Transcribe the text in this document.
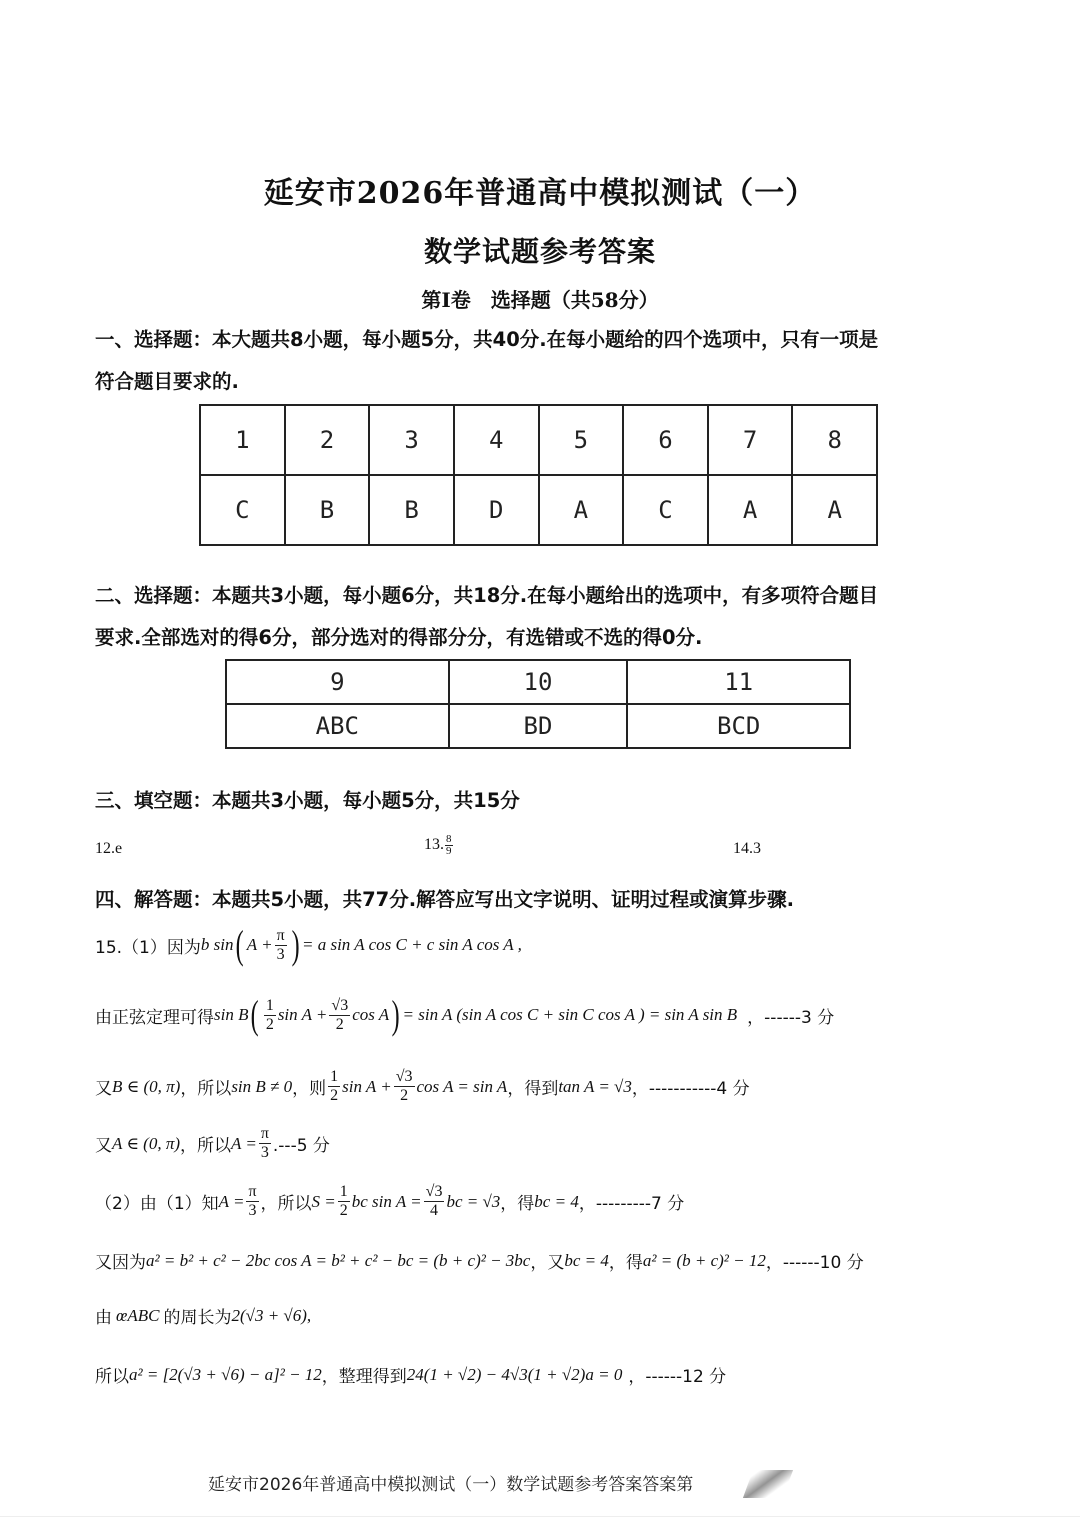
延安市2026年普通高中模拟测试（一）
数学试题参考答案
第Ⅰ卷　选择题（共58分）
一、选择题：本大题共8小题，每小题5分，共40分.在每小题给的四个选项中，只有一项是
符合题目要求的.
1	2	3	4	5	6	7	8
C	B	B	D	A	C	A	A
二、选择题：本题共3小题，每小题6分，共18分.在每小题给出的选项中，有多项符合题目
要求.全部选对的得6分，部分选对的得部分分，有选错或不选的得0分.
9	10	11
ABC	BD	BCD
三、填空题：本题共3小题，每小题5分，共15分
12.e	13. $\frac{8}{9}$	14.3
四、解答题：本题共5小题，共77分.解答应写出文字说明、证明过程或演算步骤.
15.（1）因为 b sin ( $A + \frac{\pi}{3}$ ) = a sin A cos C + c sin A cos A ,
由正弦定理可得 sin B ( $\frac{1}{2}$ $\sin A + \frac{√3}{2}$ cos A ) = sin A (sin A cos C + sin C cos A ) = sin A sin B ，------3 分
又 B ∈ (0, π) ，所以 sin B ≠ 0 ，则 $\frac{1}{2}$ $\sin A + \frac{√3}{2}$ cos A = sin A ，得到 tan A = √3 ，-----------4 分
又 A ∈ (0, π) ，所以 $A = \frac{\pi}{3} .---5$ 分
（2）由（1）知 $A = \frac{\pi}{3}$ ，所以 $S = \frac{1}{2}$ bc $\sin A = \frac{√3}{4}$ bc = √3 ，得 bc = 4 ，---------7 分
又因为 a² = b² + c² − 2bc cos A = b² + c² − bc = (b + c)² − 3bc ，又 bc = 4 ，得 a² = (b + c)² − 12 ，------10 分
由 œABC 的周长为 2(√3 + √6) ,
所以 a² = [2(√3 + √6) − a]² − 12 ，整理得到 24(1 + √2) − 4√3(1 + √2)a = 0 ，------12 分
延安市2026年普通高中模拟测试（一）数学试题参考答案答案第
